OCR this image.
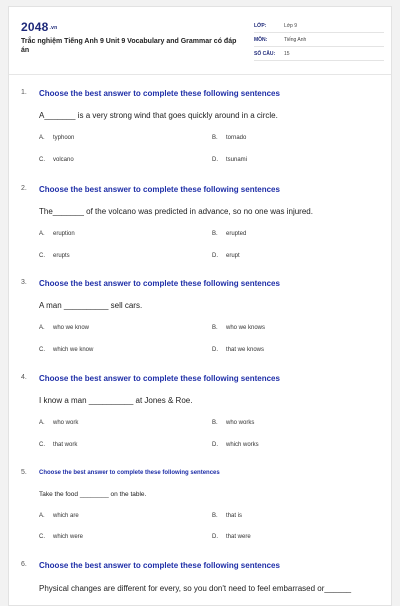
2048.vn
Trắc nghiệm Tiếng Anh 9 Unit 9 Vocabulary and Grammar có đáp án
LỚP:	Lớp 9
MÔN:	Tiếng Anh
SỐ CÂU:	15
1. Choose the best answer to complete these following sentences
A_______ is a very strong wind that goes quickly around in a circle.
A. typhoon	B. tornado
C. volcano	D. tsunami
2. Choose the best answer to complete these following sentences
The_______ of the volcano was predicted in advance, so no one was injured.
A. eruption	B. erupted
C. erupts	D. erupt
3. Choose the best answer to complete these following sentences
A man __________ sell cars.
A. who we know	B. who we knows
C. which we know	D. that we knows
4. Choose the best answer to complete these following sentences
I know a man __________ at Jones & Roe.
A. who work	B. who works
C. that work	D. which works
5. Choose the best answer to complete these following sentences
Take the food ________ on the table.
A. which are	B. that is
C. which were	D. that were
6. Choose the best answer to complete these following sentences
Physical changes are different for every, so you don't need to feel embarrased or______
